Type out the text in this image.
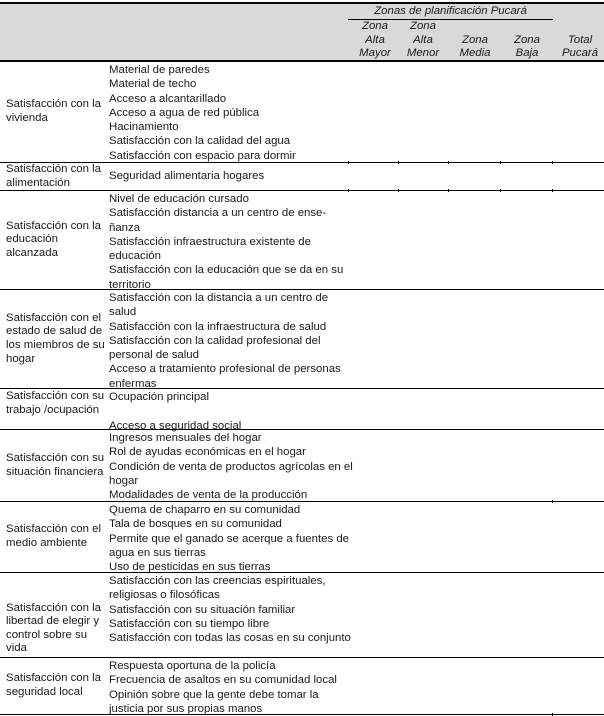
Zonas de planificación Pucará
Zona
Alta
Mayor
Zona
Alta
Menor
Zona
Media
Zona
Baja
Total
Pucará
Satisfacción con la vivienda
Material de paredes
Material de techo
Acceso a alcantarillado
Acceso a agua de red pública
Hacinamiento
Satisfacción con la calidad del agua
Satisfacción con espacio para dormir
Satisfacción con la alimentación
Seguridad alimentaria hogares
Satisfacción con la educación alcanzada
Nivel de educación cursado
Satisfacción distancia a un centro de ense-ñanza
Satisfacción infraestructura existente de educación
Satisfacción con la educación que se da en su territorio
Satisfacción con el estado de salud de los miembros de su hogar
Satisfacción con la distancia a un centro de salud
Satisfacción con la infraestructura de salud
Satisfacción con la calidad profesional del personal de salud
Acceso a tratamiento profesional de personas enfermas
Satisfacción con su trabajo /ocupación
Ocupación principal
Acceso a seguridad social
Satisfacción con su situación financiera
Ingresos mensuales del hogar
Rol de ayudas económicas en el hogar
Condición de venta de productos agrícolas en el hogar
Modalidades de venta de la producción
Satisfacción con el medio ambiente
Quema de chaparro en su comunidad
Tala de bosques en su comunidad
Permite que el ganado se acerque a fuentes de agua en sus tierras
Uso de pesticidas en sus tierras
Satisfacción con la libertad de elegir y control sobre su vida
Satisfacción con las creencias espirituales, religiosas o filosóficas
Satisfacción con su situación familiar
Satisfacción con su tiempo libre
Satisfacción con todas las cosas en su conjunto
Satisfacción con la seguridad local
Respuesta oportuna de la policía
Frecuencia de asaltos en su comunidad local
Opinión sobre que la gente debe tomar la justicia por sus propias manos
